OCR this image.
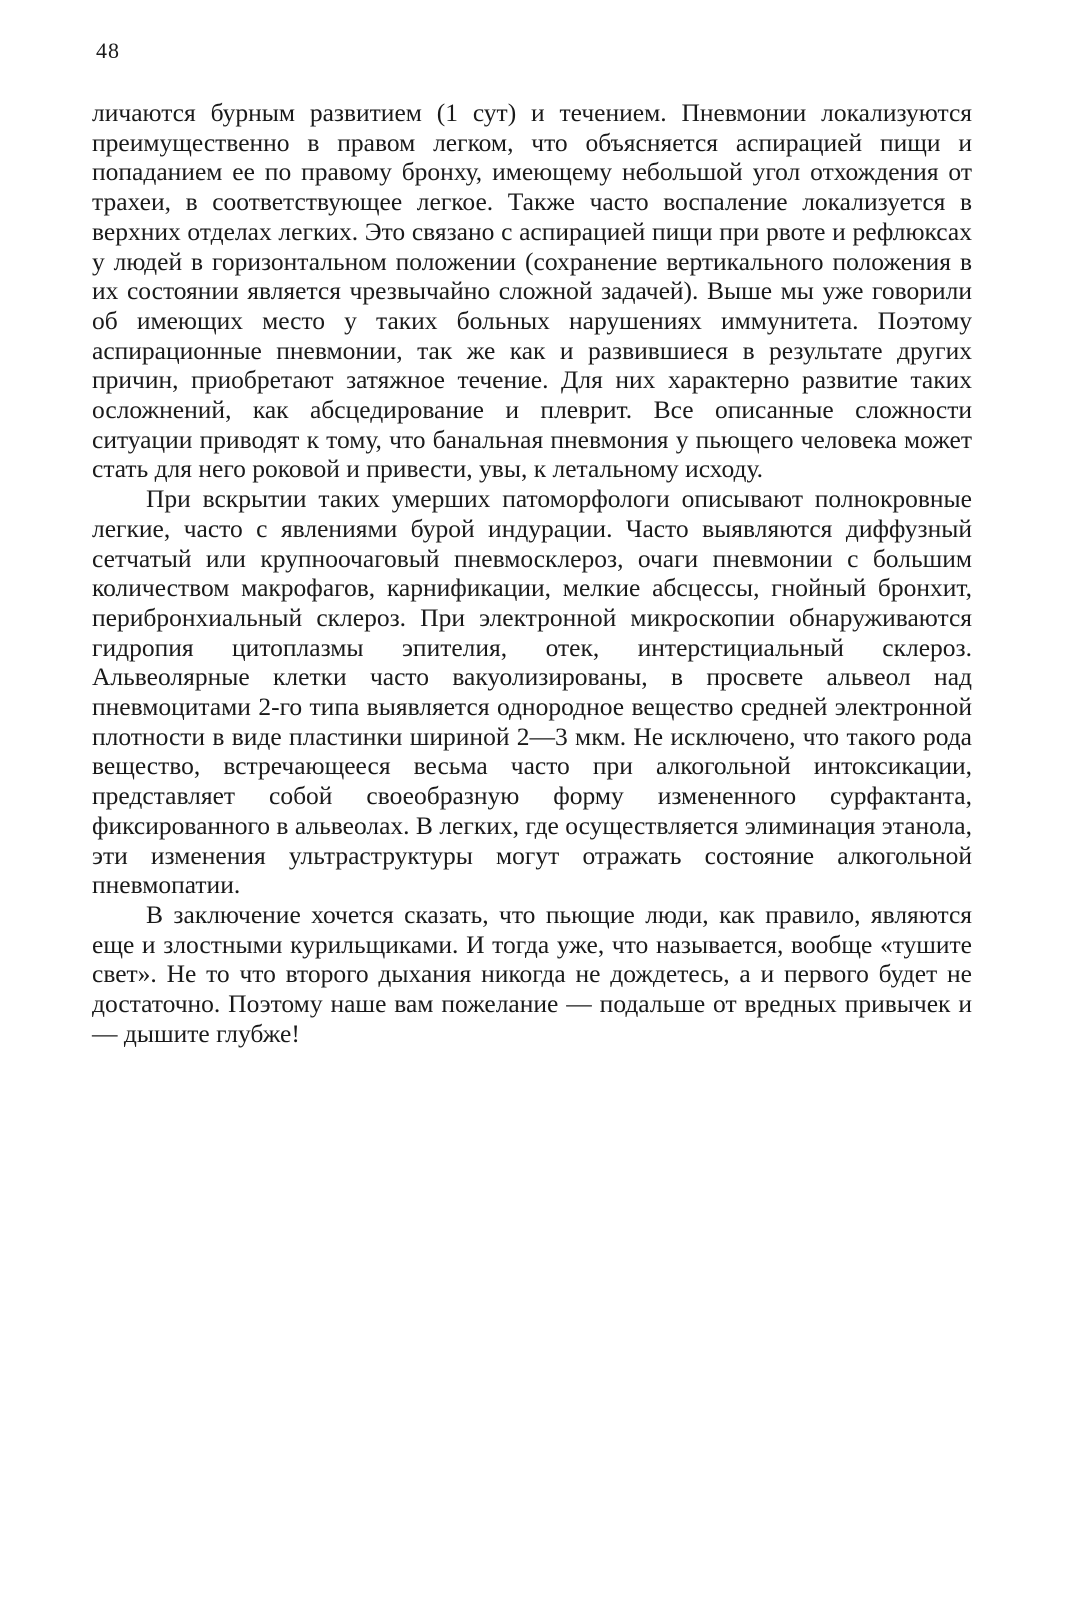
48

личаются бурным развитием (1 сут) и течением. Пневмонии локализуются преимущественно в правом легком, что объясняется аспирацией пищи и попаданием ее по правому бронху, имеющему небольшой угол отхождения от трахеи, в соответствующее легкое. Также часто воспаление локализуется в верхних отделах легких. Это связано с аспирацией пищи при рвоте и рефлюксах у людей в горизонтальном положении (сохранение вертикального положения в их состоянии является чрезвычайно сложной задачей). Выше мы уже говорили об имеющих место у таких больных нарушениях иммунитета. Поэтому аспирационные пневмонии, так же как и развившиеся в результате других причин, приобретают затяжное течение. Для них характерно развитие таких осложнений, как абсцедирование и плеврит. Все описанные сложности ситуации приводят к тому, что банальная пневмония у пьющего человека может стать для него роковой и привести, увы, к летальному исходу.

При вскрытии таких умерших патоморфологи описывают полнокровные легкие, часто с явлениями бурой индурации. Часто выявляются диффузный сетчатый или крупноочаговый пневмосклероз, очаги пневмонии с большим количеством макрофагов, карнификации, мелкие абсцессы, гнойный бронхит, перибронхиальный склероз. При электронной микроскопии обнаруживаются гидропия цитоплазмы эпителия, отек, интерстициальный склероз. Альвеолярные клетки часто вакуолизированы, в просвете альвеол над пневмоцитами 2-го типа выявляется однородное вещество средней электронной плотности в виде пластинки шириной 2—3 мкм. Не исключено, что такого рода вещество, встречающееся весьма часто при алкогольной интоксикации, представляет собой своеобразную форму измененного сурфактанта, фиксированного в альвеолах. В легких, где осуществляется элиминация этанола, эти изменения ультраструктуры могут отражать состояние алкогольной пневмопатии.

В заключение хочется сказать, что пьющие люди, как правило, являются еще и злостными курильщиками. И тогда уже, что называется, вообще «тушите свет». Не то что второго дыхания никогда не дождетесь, а и первого будет не достаточно. Поэтому наше вам пожелание — подальше от вредных привычек и — дышите глубже!
